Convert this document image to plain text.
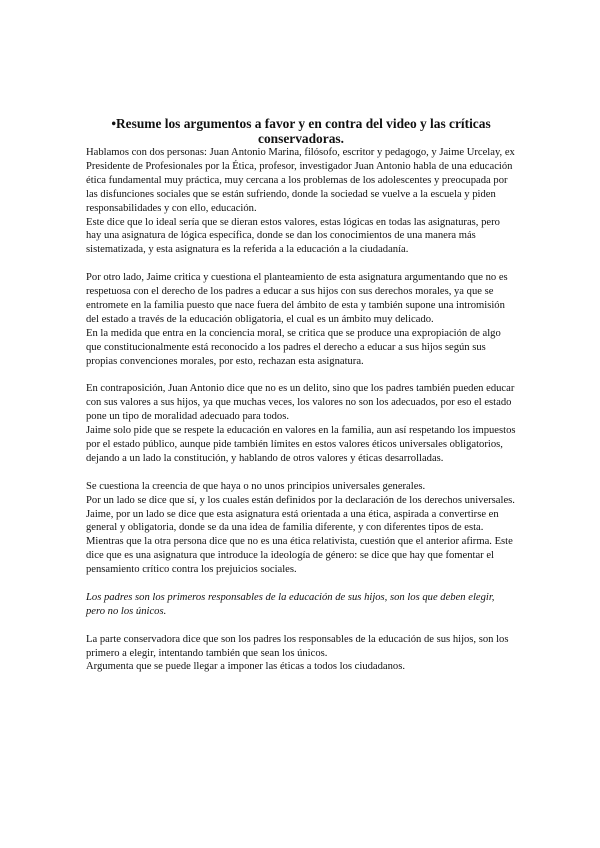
•Resume los argumentos a favor y en contra del video y las críticas conservadoras.

Hablamos con dos personas: Juan Antonio Marina, filósofo, escritor y pedagogo, y Jaime Urcelay, ex Presidente de Profesionales por la Ética, profesor, investigador Juan Antonio habla de una educación ética fundamental muy práctica, muy cercana a los problemas de los adolescentes y preocupada por las disfunciones sociales que se están sufriendo, donde la sociedad se vuelve a la escuela y piden responsabilidades y con ello, educación.

Este dice que lo ideal sería que se dieran estos valores, estas lógicas en todas las asignaturas, pero hay una asignatura de lógica específica, donde se dan los conocimientos de una manera más sistematizada, y esta asignatura es la referida a la educación a la ciudadanía.

Por otro lado, Jaime critica y cuestiona el planteamiento de esta asignatura argumentando que no es respetuosa con el derecho de los padres a educar a sus hijos con sus derechos morales, ya que se entromete en la familia puesto que nace fuera del ámbito de esta y también supone una intromisión del estado a través de la educación obligatoria, el cual es un ámbito muy delicado.

En la medida que entra en la conciencia moral, se critica que se produce una expropiación de algo que constitucionalmente está reconocido a los padres el derecho a educar a sus hijos según sus propias convenciones morales, por esto, rechazan esta asignatura.

En contraposición, Juan Antonio dice que no es un delito, sino que los padres también pueden educar con sus valores a sus hijos, ya que muchas veces, los valores no son los adecuados, por eso el estado pone un tipo de moralidad adecuado para todos.

Jaime solo pide que se respete la educación en valores en la familia, aun así respetando los impuestos por el estado público, aunque pide también límites en estos valores éticos universales obligatorios, dejando a un lado la constitución, y hablando de otros valores y éticas desarrolladas.

Se cuestiona la creencia de que haya o no unos principios universales generales.

Por un lado se dice que sí, y los cuales están definidos por la declaración de los derechos universales.

Jaime, por un lado se dice que esta asignatura está orientada a una ética, aspirada a convertirse en general y obligatoria, donde se da una idea de familia diferente, y con diferentes tipos de esta.

Mientras que la otra persona dice que no es una ética relativista, cuestión que el anterior afirma. Este dice que es una asignatura que introduce la ideología de género: se dice que hay que fomentar el pensamiento crítico contra los prejuicios sociales.

Los padres son los primeros responsables de la educación de sus hijos, son los que deben elegir, pero no los únicos.

La parte conservadora dice que son los padres los responsables de la educación de sus hijos, son los primero a elegir, intentando también que sean los únicos.

Argumenta que se puede llegar a imponer las éticas a todos los ciudadanos.
